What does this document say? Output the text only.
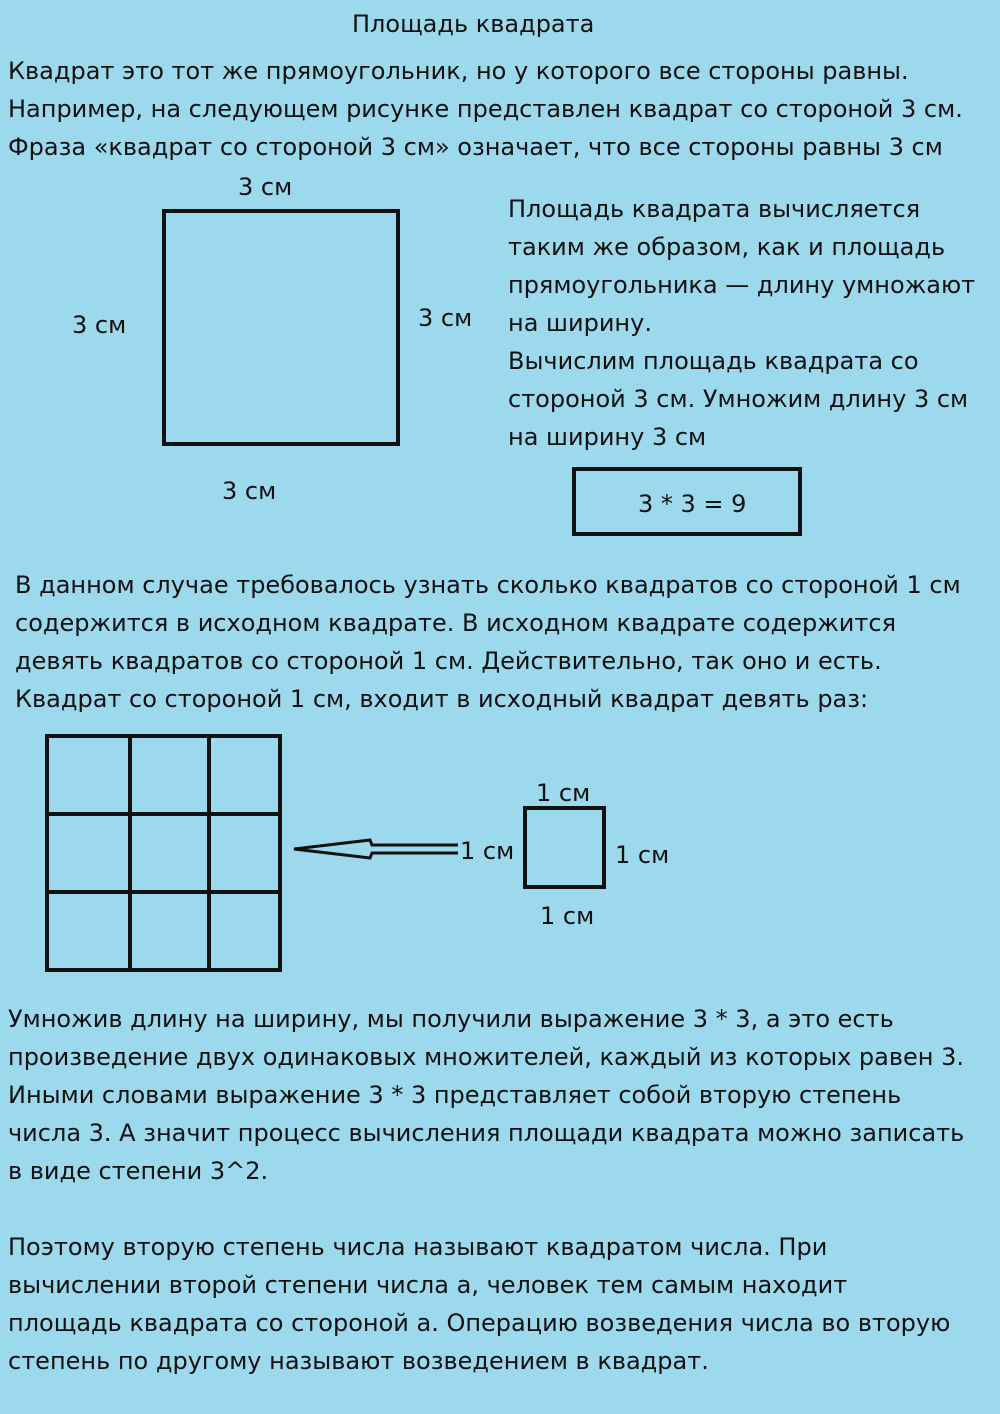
Площадь квадрата
Квадрат это тот же прямоугольник, но у которого все стороны равны.
Например, на следующем рисунке представлен квадрат со стороной 3 см.
Фраза «квадрат со стороной 3 см» означает, что все стороны равны 3 см
3 см
3 см	3 см
3 см
Площадь квадрата вычисляется
таким же образом, как и площадь
прямоугольника — длину умножают
на ширину.
Вычислим площадь квадрата со
стороной 3 см. Умножим длину 3 см
на ширину 3 см
3 * 3 = 9
В данном случае требовалось узнать сколько квадратов со стороной 1 см
содержится в исходном квадрате. В исходном квадрате содержится
девять квадратов со стороной 1 см. Действительно, так оно и есть.
Квадрат со стороной 1 см, входит в исходный квадрат девять раз:
1 см
1 см	1 см
1 см
Умножив длину на ширину, мы получили выражение 3 * 3, а это есть
произведение двух одинаковых множителей, каждый из которых равен 3.
Иными словами выражение 3 * 3 представляет собой вторую степень
числа 3. А значит процесс вычисления площади квадрата можно записать
в виде степени 3^2.
Поэтому вторую степень числа называют квадратом числа. При
вычислении второй степени числа a, человек тем самым находит
площадь квадрата со стороной a. Операцию возведения числа во вторую
степень по другому называют возведением в квадрат.
